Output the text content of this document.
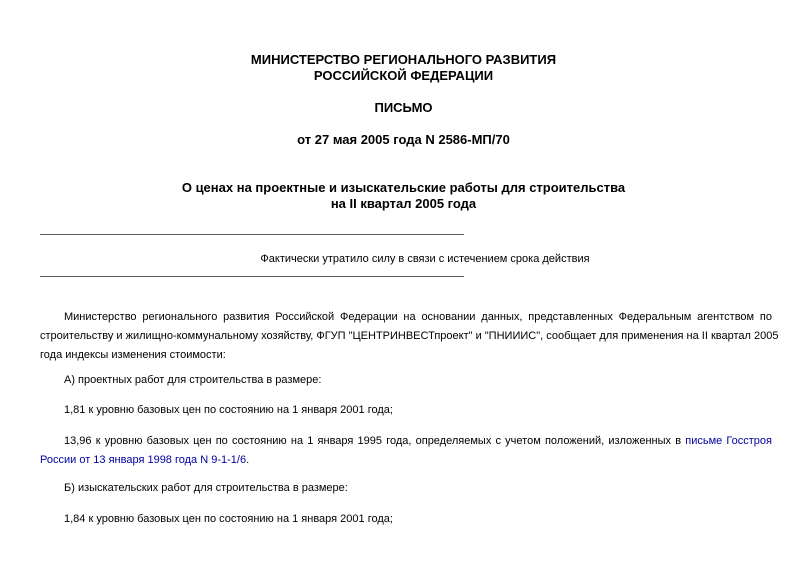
МИНИСТЕРСТВО РЕГИОНАЛЬНОГО РАЗВИТИЯ
РОССИЙСКОЙ ФЕДЕРАЦИИ
ПИСЬМО
от 27 мая 2005 года N 2586-МП/70
О ценах на проектные и изыскательские работы для строительства
на II квартал 2005 года
Фактически утратило силу в связи с истечением срока действия
Министерство регионального развития Российской Федерации на основании данных, представленных Федеральным агентством по
строительству и жилищно-коммунальному хозяйству, ФГУП "ЦЕНТРИНВЕСТпроект" и "ПНИИИС", сообщает для применения на II квартал 2005
года индексы изменения стоимости:
А) проектных работ для строительства в размере:
1,81 к уровню базовых цен по состоянию на 1 января 2001 года;
13,96 к уровню базовых цен по состоянию на 1 января 1995 года, определяемых с учетом положений, изложенных в письме Госстроя
России от 13 января 1998 года N 9-1-1/6.
Б) изыскательских работ для строительства в размере:
1,84 к уровню базовых цен по состоянию на 1 января 2001 года;
